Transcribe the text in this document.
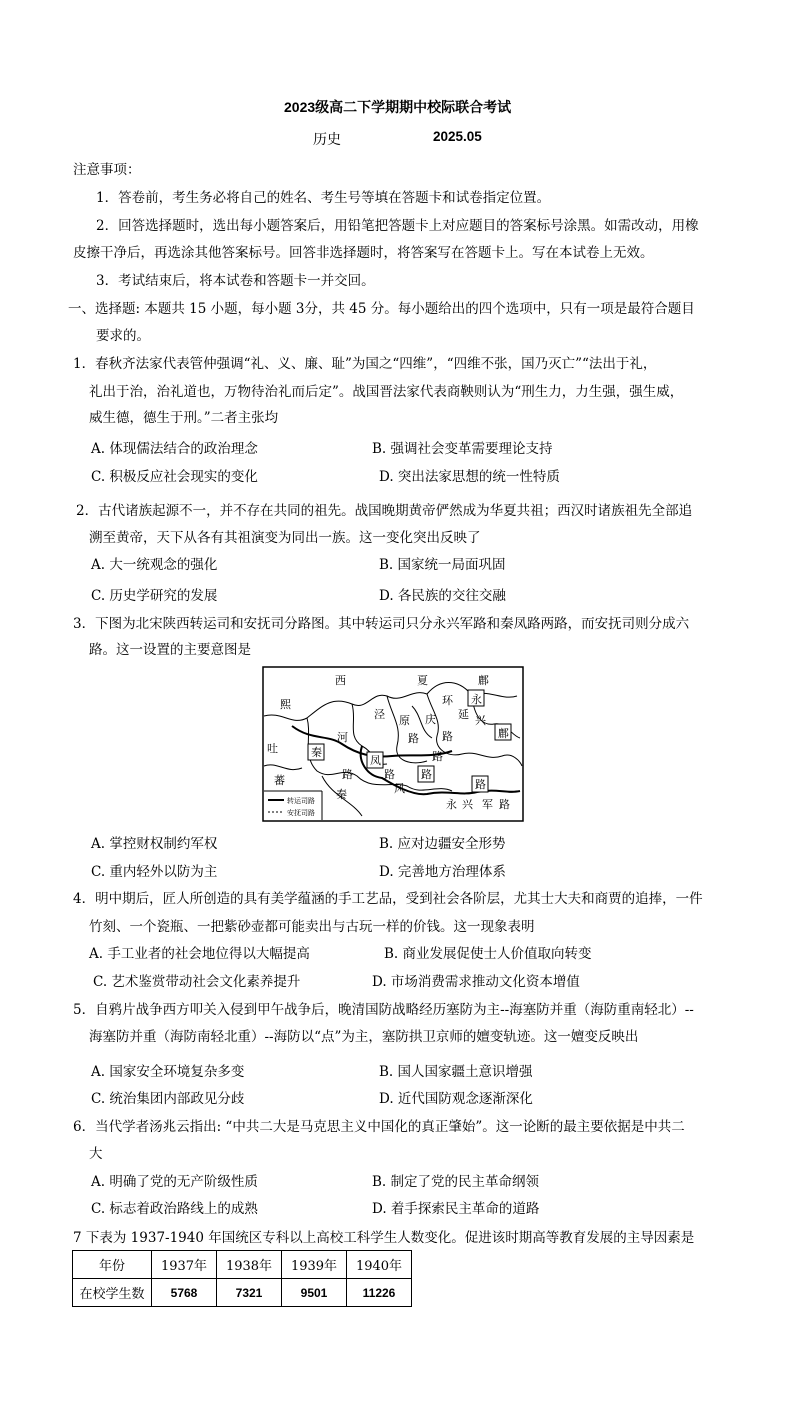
2023级高二下学期期中校际联合考试
历史	2025.05
注意事项：
1．答卷前，考生务必将自己的姓名、考生号等填在答题卡和试卷指定位置。
2．回答选择题时，选出每小题答案后，用铅笔把答题卡上对应题目的答案标号涂黑。如需改动，用橡
皮擦干净后，再选涂其他答案标号。回答非选择题时，将答案写在答题卡上。写在本试卷上无效。
3．考试结束后，将本试卷和答题卡一并交回。
一、选择题: 本题共 15 小题，每小题 3分，共 45 分。每小题给出的四个选项中，只有一项是最符合题目
要求的。
1．春秋齐法家代表管仲强调“礼、义、廉、耻”为国之“四维”，“四维不张，国乃灭亡”“法出于礼，
礼出于治，治礼道也，万物待治礼而后定”。战国晋法家代表商鞅则认为“刑生力，力生强，强生威，
威生德，德生于刑。”二者主张均
A. 体现儒法结合的政治理念	B. 强调社会变革需要理论支持
C. 积极反应社会现实的变化	D. 突出法家思想的统一性特质
2．古代诸族起源不一，并不存在共同的祖先。战国晚期黄帝俨然成为华夏共祖；西汉时诸族祖先全部追
溯至黄帝，天下从各有其祖演变为同出一族。这一变化突出反映了
A. 大一统观念的强化	B. 国家统一局面巩固
C. 历史学研究的发展	D. 各民族的交往交融
3．下图为北宋陕西转运司和安抚司分路图。其中转运司只分永兴军路和秦凤路两路，而安抚司则分成六
路。这一设置的主要意图是
西	夏	鄜
环
延
永
兴
庆
鄜
泾 原
路
秦
河
凤
路
熙
路
路
吐
蕃
秦	风
路
永 兴 军 路
路
路
转运司路
安抚司路
A. 掌控财权制约军权	B. 应对边疆安全形势
C. 重内轻外以防为主	D. 完善地方治理体系
4．明中期后，匠人所创造的具有美学蕴涵的手工艺品，受到社会各阶层，尤其士大夫和商贾的追捧，一件
竹刻、一个瓷瓶、一把紫砂壶都可能卖出与古玩一样的价钱。这一现象表明
A. 手工业者的社会地位得以大幅提高	B. 商业发展促使士人价值取向转变
C. 艺术鉴赏带动社会文化素养提升	D. 市场消费需求推动文化资本增值
5．自鸦片战争西方叩关入侵到甲午战争后，晚清国防战略经历塞防为主--海塞防并重（海防重南轻北）--
海塞防并重（海防南轻北重）--海防以“点”为主，塞防拱卫京师的嬗变轨迹。这一嬗变反映出
A. 国家安全环境复杂多变	B. 国人国家疆土意识增强
C. 统治集团内部政见分歧	D. 近代国防观念逐渐深化
6．当代学者汤兆云指出: “中共二大是马克思主义中国化的真正肇始”。这一论断的最主要依据是中共二
大
A. 明确了党的无产阶级性质	B. 制定了党的民主革命纲领
C. 标志着政治路线上的成熟	D. 着手探索民主革命的道路
7 下表为 1937-1940 年国统区专科以上高校工科学生人数变化。促进该时期高等教育发展的主导因素是
年份	1937年	1938年	1939年	1940年
在校学生数	5768	7321	9501	11226
